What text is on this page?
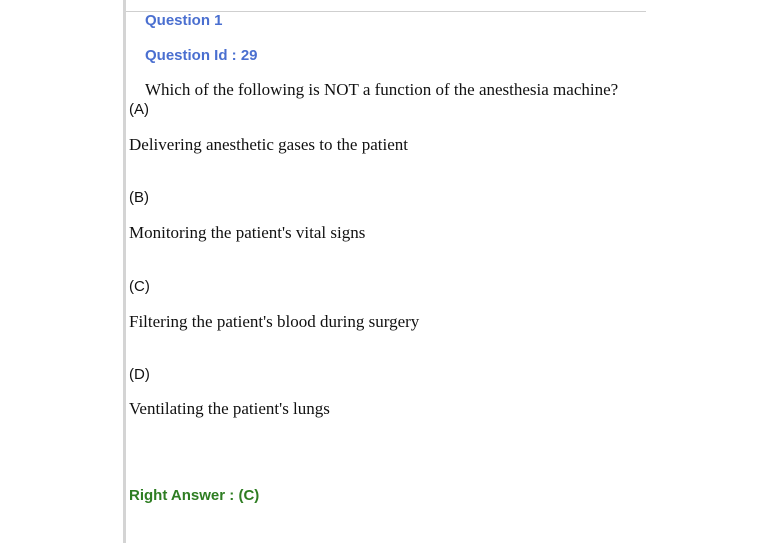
Question 1
Question Id : 29
Which of the following is NOT a function of the anesthesia machine?
(A)
Delivering anesthetic gases to the patient
(B)
Monitoring the patient's vital signs
(C)
Filtering the patient's blood during surgery
(D)
Ventilating the patient's lungs
Right Answer : (C)
